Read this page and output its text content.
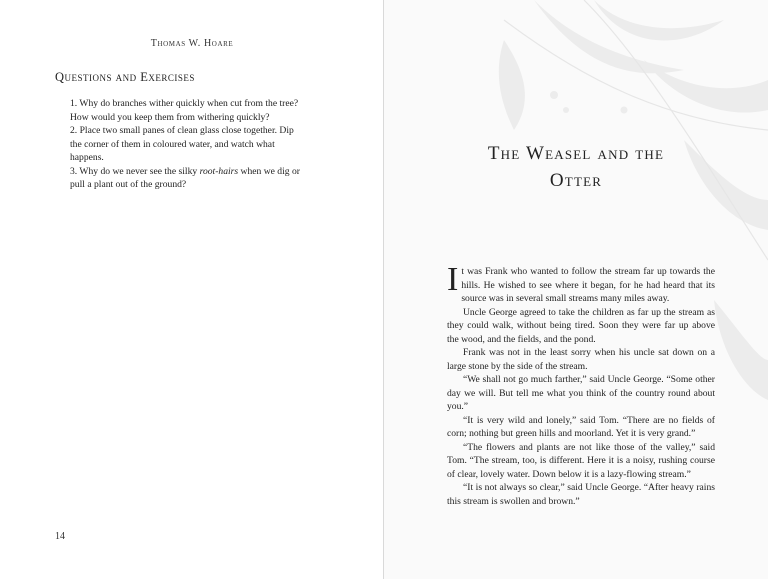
Thomas W. Hoare
Questions and Exercises
1. Why do branches wither quickly when cut from the tree? How would you keep them from withering quickly?
2. Place two small panes of clean glass close together. Dip the corner of them in coloured water, and watch what happens.
3. Why do we never see the silky root-hairs when we dig or pull a plant out of the ground?
14
The Weasel and the
Otter

It was Frank who wanted to follow the stream far up towards the hills. He wished to see where it began, for he had heard that its source was in several small streams many miles away.

Uncle George agreed to take the children as far up the stream as they could walk, without being tired. Soon they were far up above the wood, and the fields, and the pond.

Frank was not in the least sorry when his uncle sat down on a large stone by the side of the stream.

“We shall not go much farther,” said Uncle George. “Some other day we will. But tell me what you think of the country round about you.”

“It is very wild and lonely,” said Tom. “There are no fields of corn; nothing but green hills and moorland. Yet it is very grand.”

“The flowers and plants are not like those of the valley,” said Tom. “The stream, too, is different. Here it is a noisy, rushing course of clear, lovely water. Down below it is a lazy-flowing stream.”

“It is not always so clear,” said Uncle George. “After heavy rains this stream is swollen and brown.”
